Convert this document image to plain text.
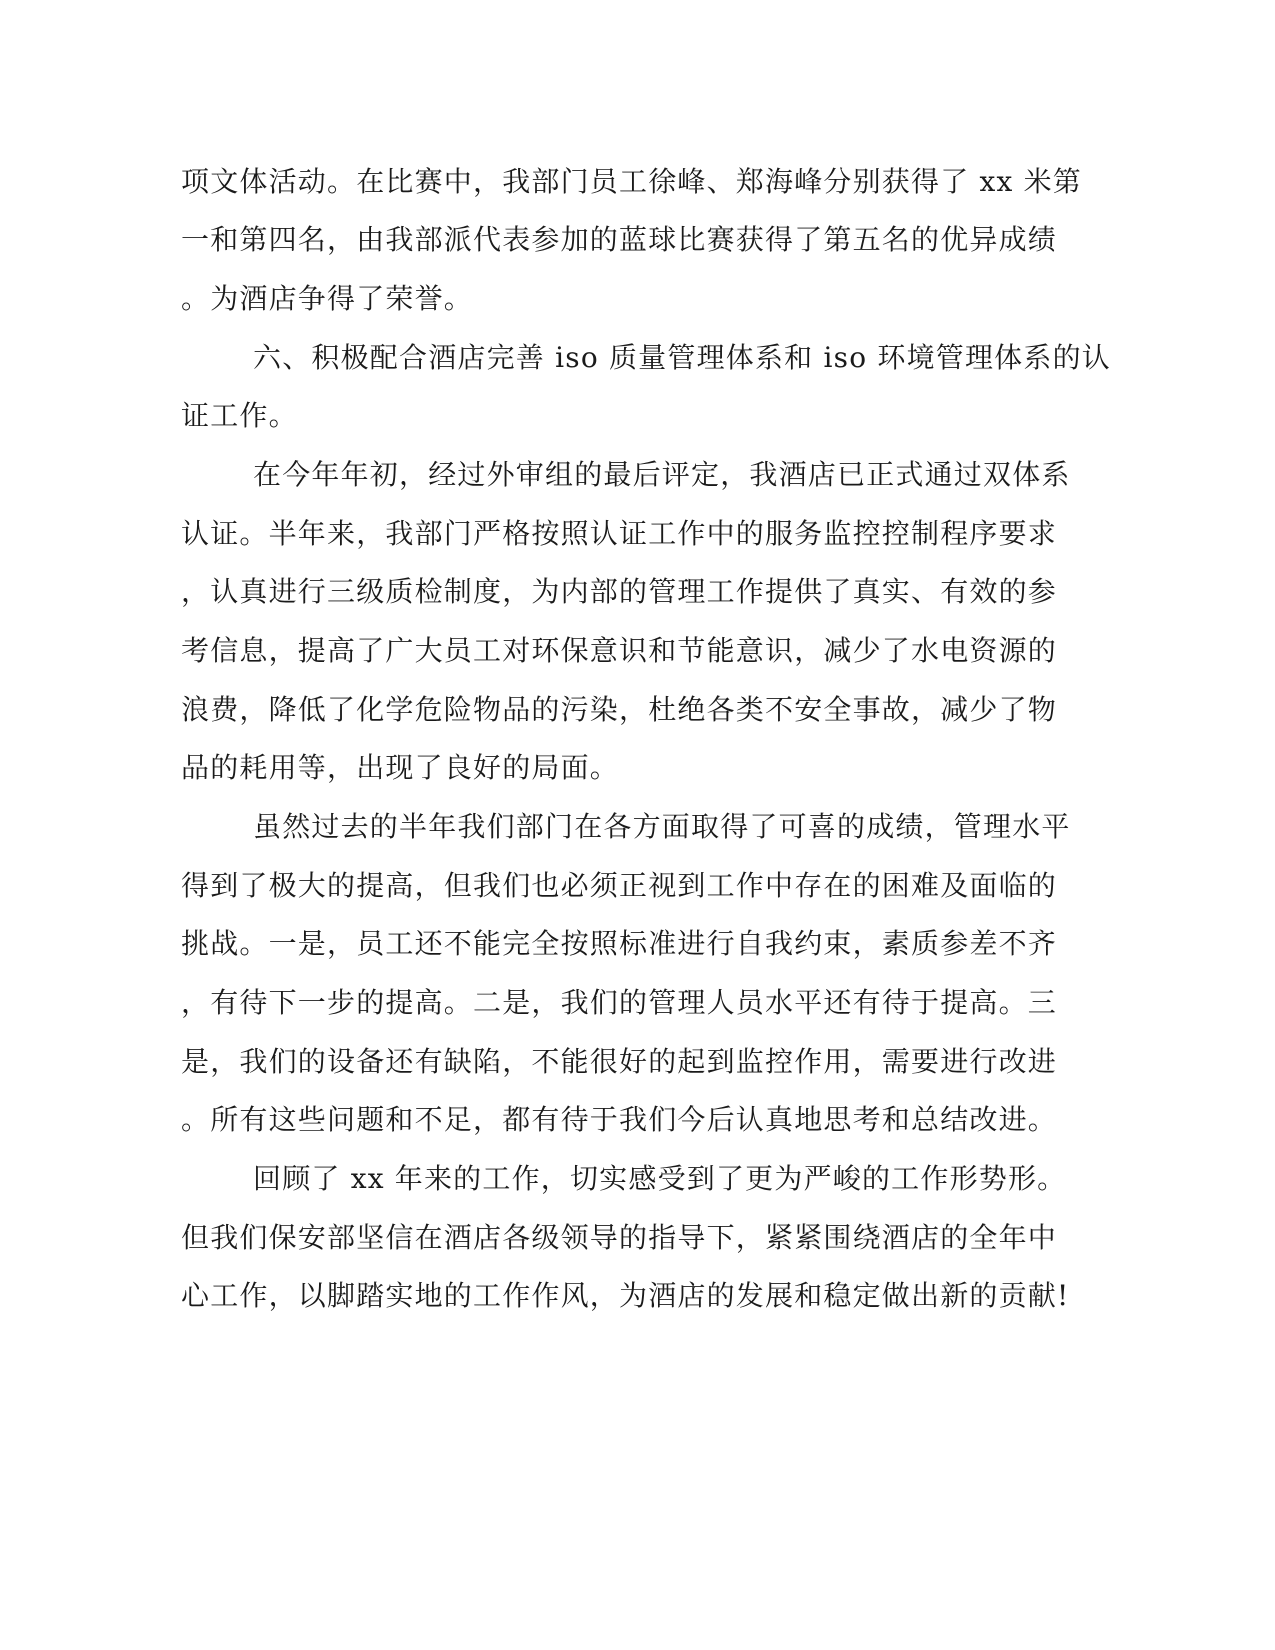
项文体活动。在比赛中，我部门员工徐峰、郑海峰分别获得了 xx 米第
一和第四名，由我部派代表参加的蓝球比赛获得了第五名的优异成绩
。为酒店争得了荣誉。
六、积极配合酒店完善 iso 质量管理体系和 iso 环境管理体系的认
证工作。
在今年年初，经过外审组的最后评定，我酒店已正式通过双体系
认证。半年来，我部门严格按照认证工作中的服务监控控制程序要求
，认真进行三级质检制度，为内部的管理工作提供了真实、有效的参
考信息，提高了广大员工对环保意识和节能意识，减少了水电资源的
浪费，降低了化学危险物品的污染，杜绝各类不安全事故，减少了物
品的耗用等，出现了良好的局面。
虽然过去的半年我们部门在各方面取得了可喜的成绩，管理水平
得到了极大的提高，但我们也必须正视到工作中存在的困难及面临的
挑战。一是，员工还不能完全按照标准进行自我约束，素质参差不齐
，有待下一步的提高。二是，我们的管理人员水平还有待于提高。三
是，我们的设备还有缺陷，不能很好的起到监控作用，需要进行改进
。所有这些问题和不足，都有待于我们今后认真地思考和总结改进。
回顾了 xx 年来的工作，切实感受到了更为严峻的工作形势形。
但我们保安部坚信在酒店各级领导的指导下，紧紧围绕酒店的全年中
心工作，以脚踏实地的工作作风，为酒店的发展和稳定做出新的贡献!
